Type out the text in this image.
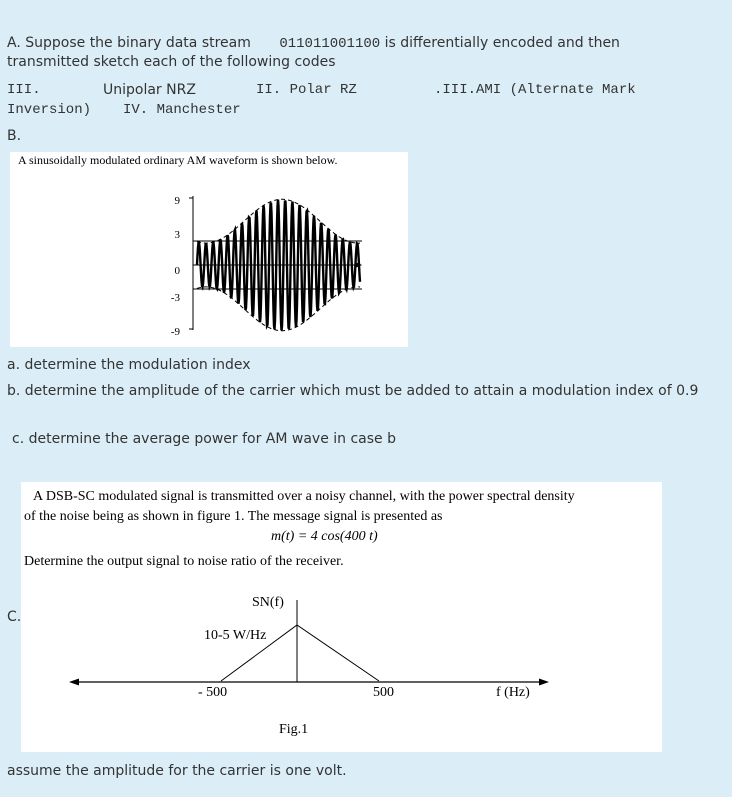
A. Suppose the binary data stream 011011001100 is differentially encoded and then
transmitted sketch each of the following codes
III.	Unipolar NRZ	II. Polar RZ	.III.AMI (Alternate Mark
Inversion) IV. Manchester
B.
A sinusoidally modulated ordinary AM waveform is shown below.
9
3
0
-3
-9
t
a. determine the modulation index
b. determine the amplitude of the carrier which must be added to attain a modulation index of 0.9
c. determine the average power for AM wave in case b
C.
A DSB-SC modulated signal is transmitted over a noisy channel, with the power spectral density
of the noise being as shown in figure 1. The message signal is presented as
m(t) = 4 cos(400 t)
Determine the output signal to noise ratio of the receiver.
SN(f)
10-5 W/Hz
- 500	500	f (Hz)
Fig.1
assume the amplitude for the carrier is one volt.
